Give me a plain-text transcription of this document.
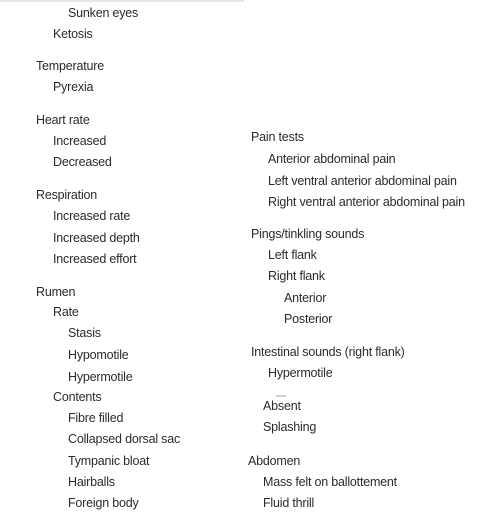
Sunken eyes
Ketosis
Temperature
Pyrexia
Heart rate
Increased
Decreased
Respiration
Increased rate
Increased depth
Increased effort
Rumen
Rate
Stasis
Hypomotile
Hypermotile
Contents
Fibre filled
Collapsed dorsal sac
Tympanic bloat
Hairballs
Foreign body
Pain tests
Anterior abdominal pain
Left ventral anterior abdominal pain
Right ventral anterior abdominal pain
Pings/tinkling sounds
Left flank
Right flank
Anterior
Posterior
Intestinal sounds (right flank)
Hypermotile
Absent
Splashing
Abdomen
Mass felt on ballottement
Fluid thrill
